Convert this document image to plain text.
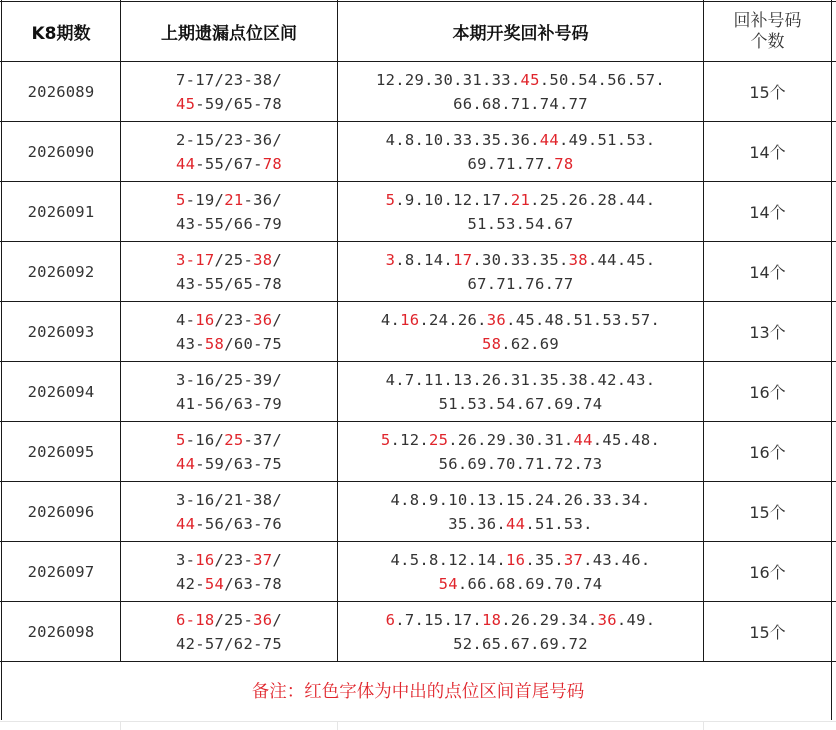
K8期数	上期遗漏点位区间	本期开奖回补号码
回补号码
个数
2026089
7-17/23-38/
45-59/65-78
12.29.30.31.33.45.50.54.56.57.
66.68.71.74.77
15个
2026090
2-15/23-36/
44-55/67-78
4.8.10.33.35.36.44.49.51.53.
69.71.77.78
14个
2026091
5-19/21-36/
43-55/66-79
5.9.10.12.17.21.25.26.28.44.
51.53.54.67
14个
2026092
3-17/25-38/
43-55/65-78
3.8.14.17.30.33.35.38.44.45.
67.71.76.77
14个
2026093
4-16/23-36/
43-58/60-75
4.16.24.26.36.45.48.51.53.57.
58.62.69
13个
2026094
3-16/25-39/
41-56/63-79
4.7.11.13.26.31.35.38.42.43.
51.53.54.67.69.74
16个
2026095
5-16/25-37/
44-59/63-75
5.12.25.26.29.30.31.44.45.48.
56.69.70.71.72.73
16个
2026096
3-16/21-38/
44-56/63-76
4.8.9.10.13.15.24.26.33.34.
35.36.44.51.53.
15个
2026097
3-16/23-37/
42-54/63-78
4.5.8.12.14.16.35.37.43.46.
54.66.68.69.70.74
16个
2026098
6-18/25-36/
42-57/62-75
6.7.15.17.18.26.29.34.36.49.
52.65.67.69.72
15个
备注：红色字体为中出的点位区间首尾号码
